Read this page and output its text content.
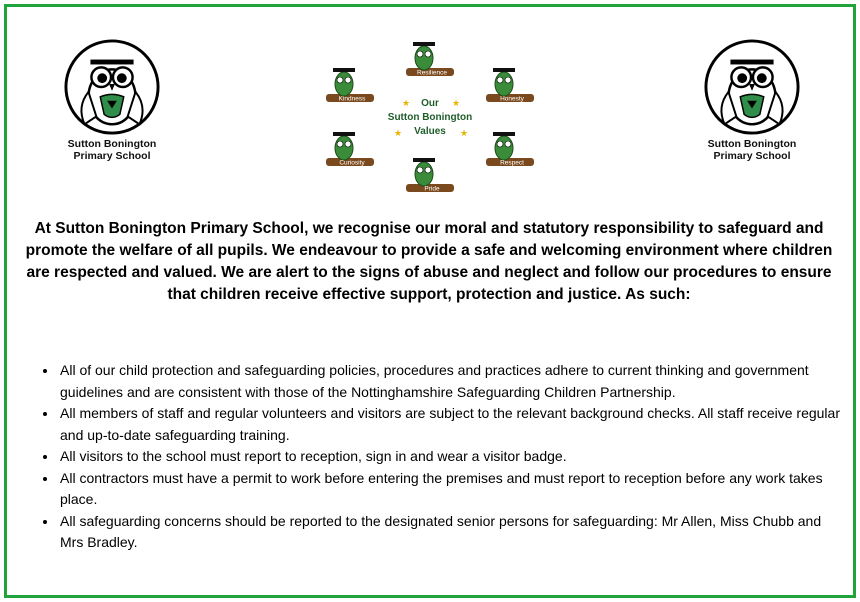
Sutton Bonington
Primary School
Sutton Bonington
Primary School
Resilience
Kindness	Honesty
Curiosity	Respect
Pride
Our
Sutton Bonington
Values
★	★
★	★
At Sutton Bonington Primary School, we recognise our moral and statutory responsibility to safeguard and promote the welfare of all pupils. We endeavour to provide a safe and welcoming environment where children are respected and valued. We are alert to the signs of abuse and neglect and follow our procedures to ensure that children receive effective support, protection and justice. As such:
• All of our child protection and safeguarding policies, procedures and practices adhere to current thinking and government guidelines and are consistent with those of the Nottinghamshire Safeguarding Children Partnership.
• All members of staff and regular volunteers and visitors are subject to the relevant background checks. All staff receive regular and up-to-date safeguarding training.
• All visitors to the school must report to reception, sign in and wear a visitor badge.
• All contractors must have a permit to work before entering the premises and must report to reception before any work takes place.
• All safeguarding concerns should be reported to the designated senior persons for safeguarding: Mr Allen, Miss Chubb and Mrs Bradley.
